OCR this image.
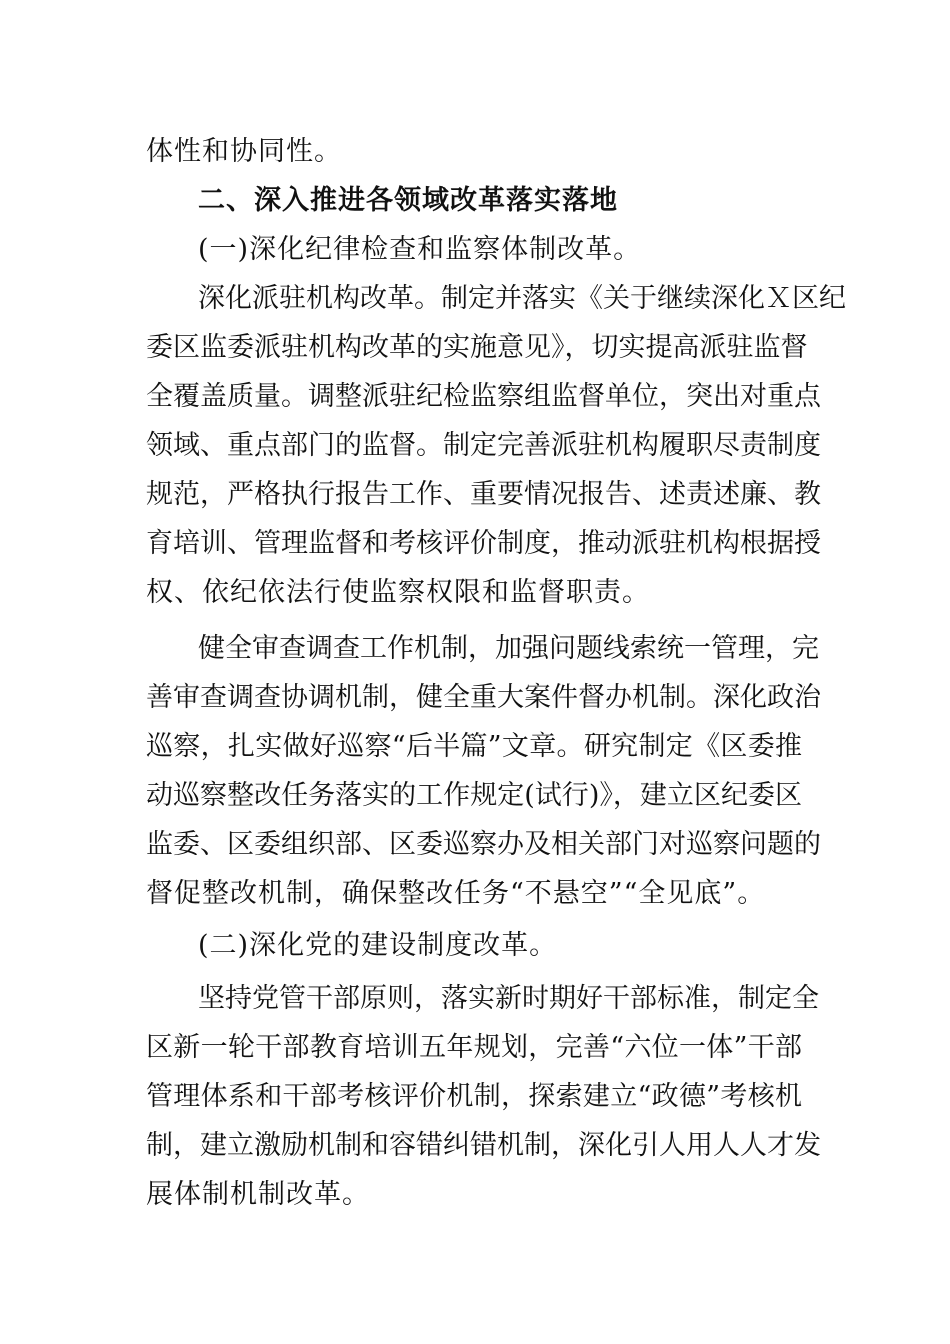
体性和协同性。
二、深入推进各领域改革落实落地
(一)深化纪律检查和监察体制改革。
深化派驻机构改革。制定并落实《关于继续深化Ｘ区纪
委区监委派驻机构改革的实施意见》，切实提高派驻监督
全覆盖质量。调整派驻纪检监察组监督单位，突出对重点
领域、重点部门的监督。制定完善派驻机构履职尽责制度
规范，严格执行报告工作、重要情况报告、述责述廉、教
育培训、管理监督和考核评价制度，推动派驻机构根据授
权、依纪依法行使监察权限和监督职责。
健全审查调查工作机制，加强问题线索统一管理，完
善审查调查协调机制，健全重大案件督办机制。深化政治
巡察，扎实做好巡察“后半篇”文章。研究制定《区委推
动巡察整改任务落实的工作规定(试行)》，建立区纪委区
监委、区委组织部、区委巡察办及相关部门对巡察问题的
督促整改机制，确保整改任务“不悬空”“全见底”。
(二)深化党的建设制度改革。
坚持党管干部原则，落实新时期好干部标准，制定全
区新一轮干部教育培训五年规划，完善“六位一体”干部
管理体系和干部考核评价机制，探索建立“政德”考核机
制，建立激励机制和容错纠错机制，深化引人用人人才发
展体制机制改革。
